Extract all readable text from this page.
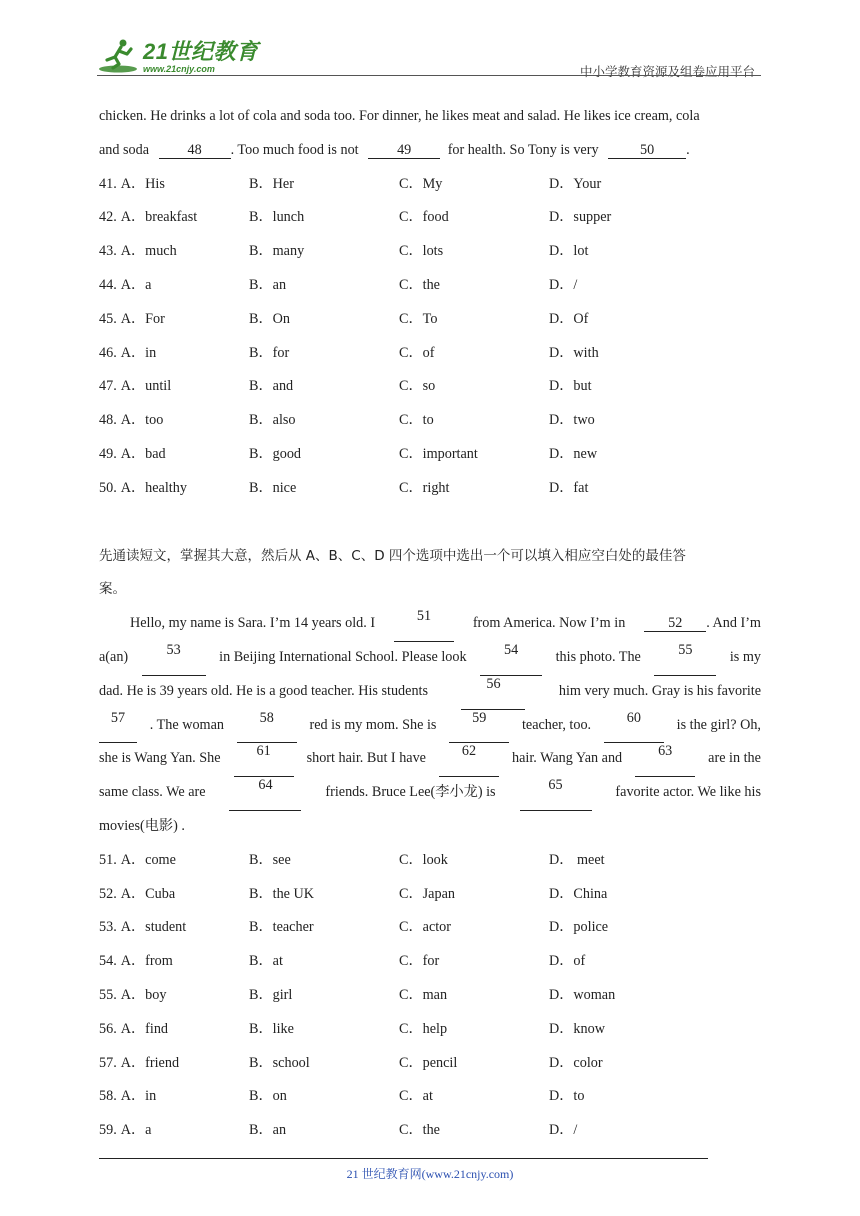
21世纪教育
www.21cnjy.com	中小学教育资源及组卷应用平台
chicken. He drinks a lot of cola and soda too. For dinner, he likes meat and salad. He likes ice cream, cola
and soda	48 . Too much food is not	49	for health. So Tony is very	50 .
41. A．His	B．Her	C．My	D．Your
42. A．breakfast	B．lunch	C．food	D．supper
43. A．much	B．many	C．lots	D．lot
44. A．a	B．an	C．the	D．/
45. A．For	B．On	C．To	D．Of
46. A．in	B．for	C．of	D．with
47. A．until	B．and	C．so	D．but
48. A．too	B．also	C．to	D．two
49. A．bad	B．good	C．important	D．new
50. A．healthy	B．nice	C．right	D．fat
先通读短文，掌握其大意，然后从 A、B、C、D 四个选项中选出一个可以填入相应空白处的最佳答
案。
Hello, my name is Sara. I’m 14 years old. I	51	from America. Now I’m in	52 . And I’m
a(an)	53	in Beijing International School. Please look	54	this photo. The	55	is my
dad. He is 39 years old. He is a good teacher. His students	56	him very much. Gray is his favorite
57	. The woman	58	red is my mom. She is	59	teacher, too.	60	is the girl? Oh,
she is Wang Yan. She	61	short hair. But I have	62	hair. Wang Yan and	63	are in the
same class. We are	64	friends. Bruce Lee(李小龙) is	65	favorite actor. We like his
movies(电影) .
51. A．come	B．see	C．look	D． meet
52. A．Cuba	B．the UK	C．Japan	D．China
53. A．student	B．teacher	C．actor	D．police
54. A．from	B．at	C．for	D．of
55. A．boy	B．girl	C．man	D．woman
56. A．find	B．like	C．help	D．know
57. A．friend	B．school	C．pencil	D．color
58. A．in	B．on	C．at	D．to
59. A．a	B．an	C．the	D．/
21 世纪教育网(www.21cnjy.com)
